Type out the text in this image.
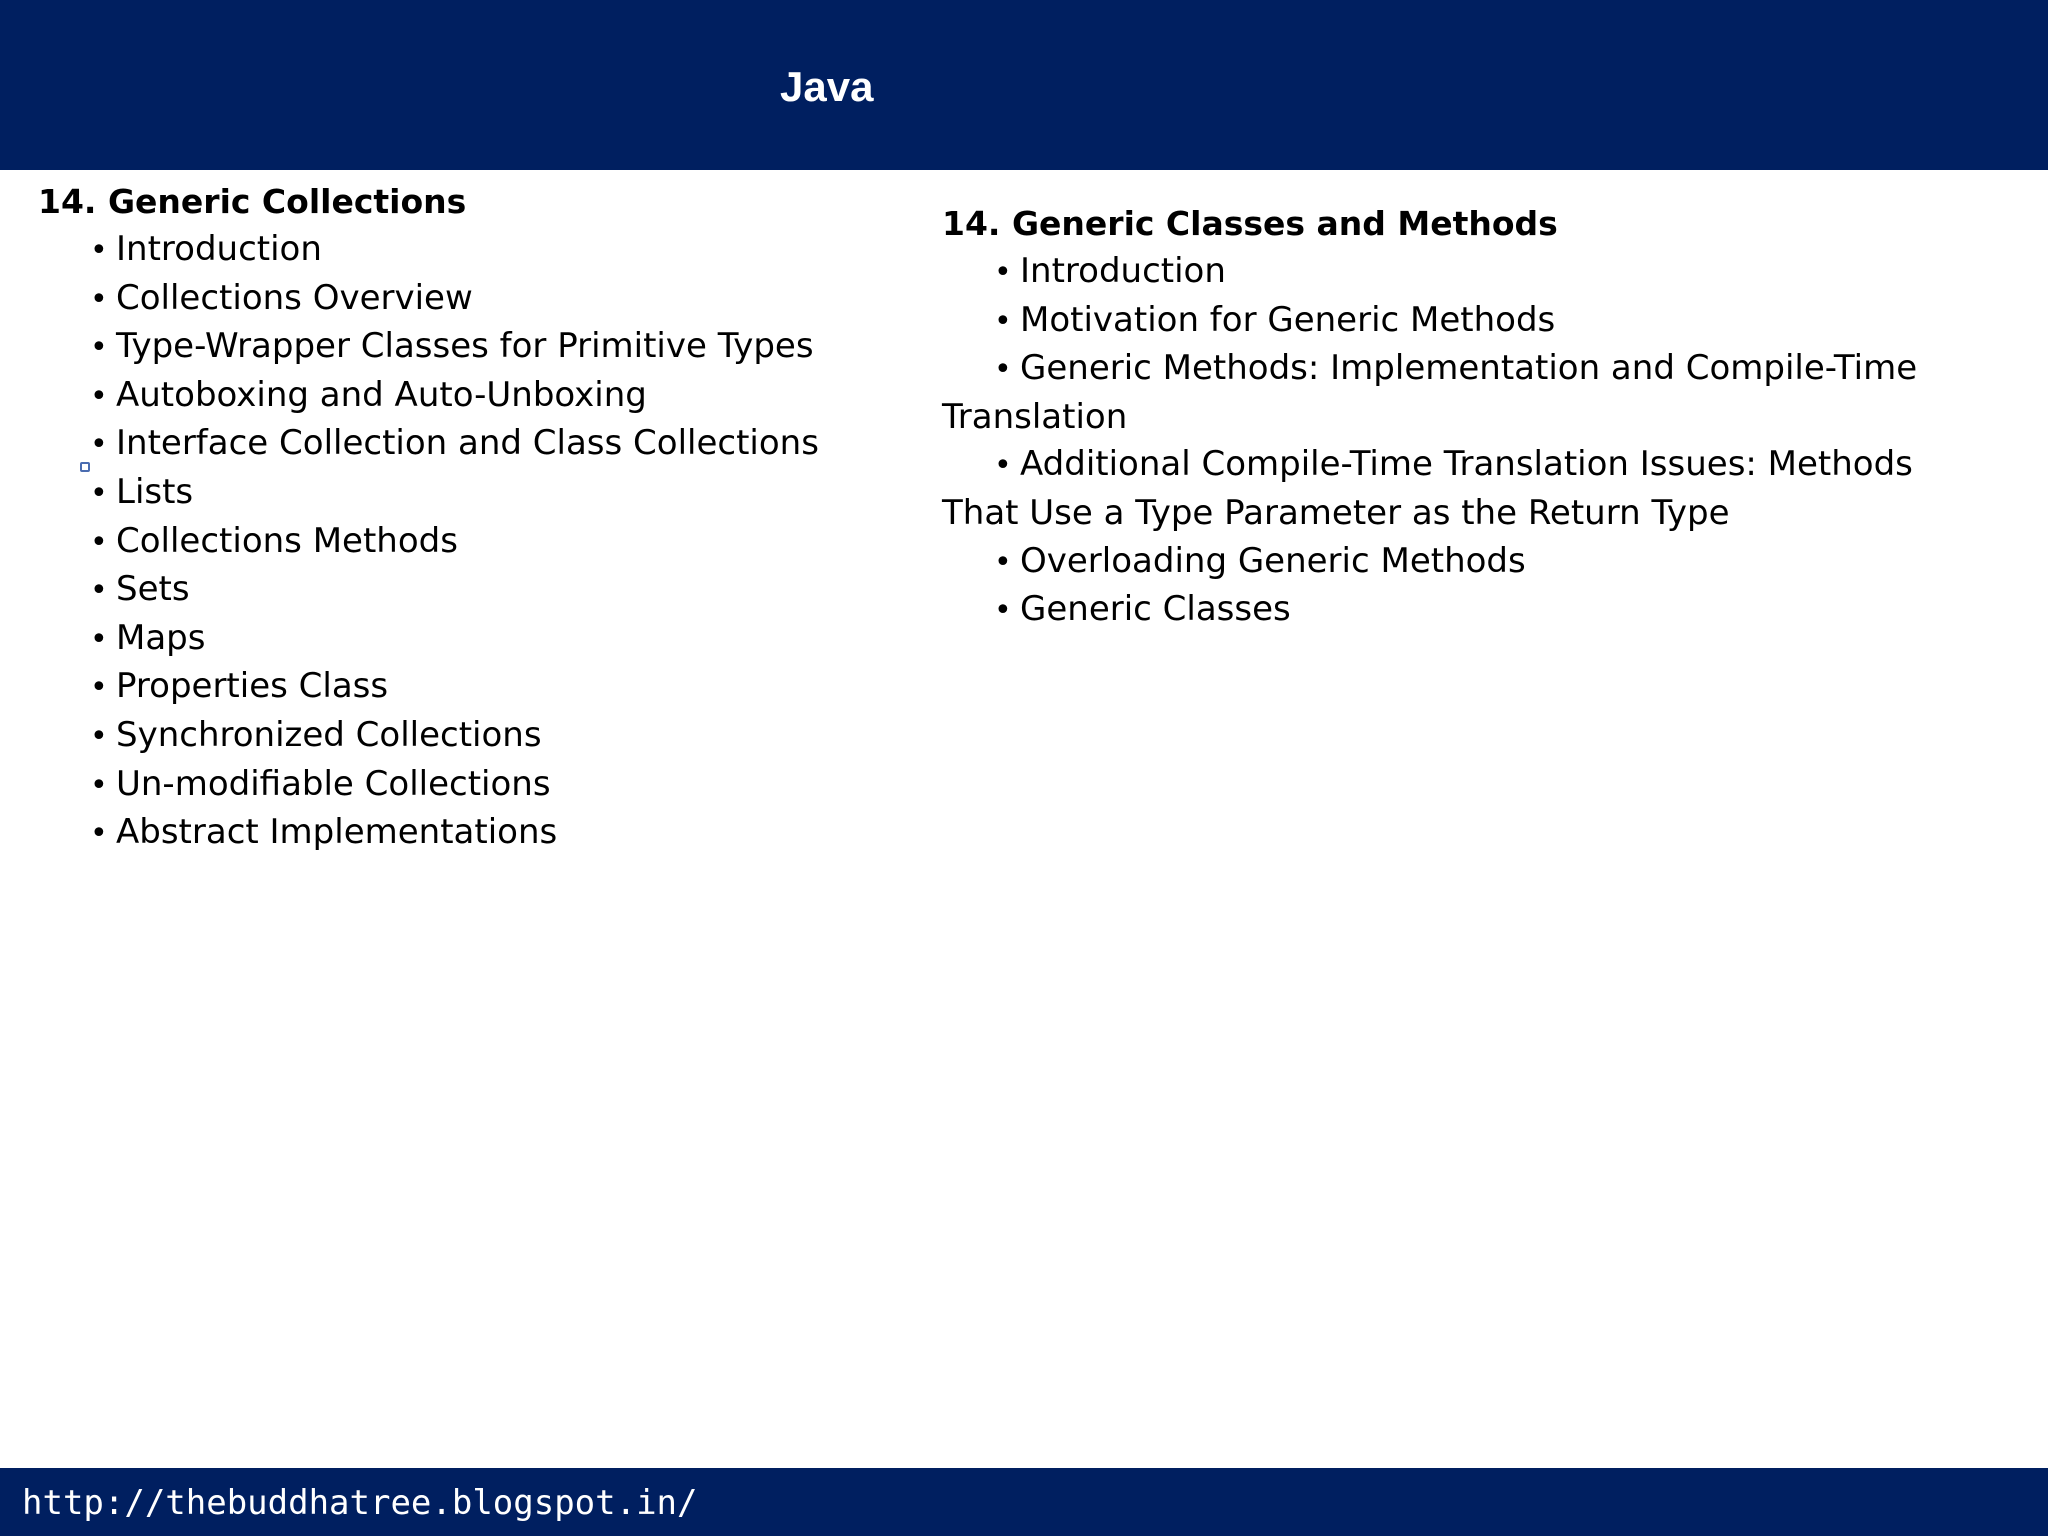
Java
14. Generic Collections
• Introduction
• Collections Overview
• Type-Wrapper Classes for Primitive Types
• Autoboxing and Auto-Unboxing
• Interface Collection and Class Collections
• Lists
• Collections Methods
• Sets
• Maps
• Properties Class
• Synchronized Collections
• Un-modifiable Collections
• Abstract Implementations
14. Generic Classes and Methods
• Introduction
• Motivation for Generic Methods
• Generic Methods: Implementation and Compile-Time
Translation
• Additional Compile-Time Translation Issues: Methods
That Use a Type Parameter as the Return Type
• Overloading Generic Methods
• Generic Classes
http://thebuddhatree.blogspot.in/
